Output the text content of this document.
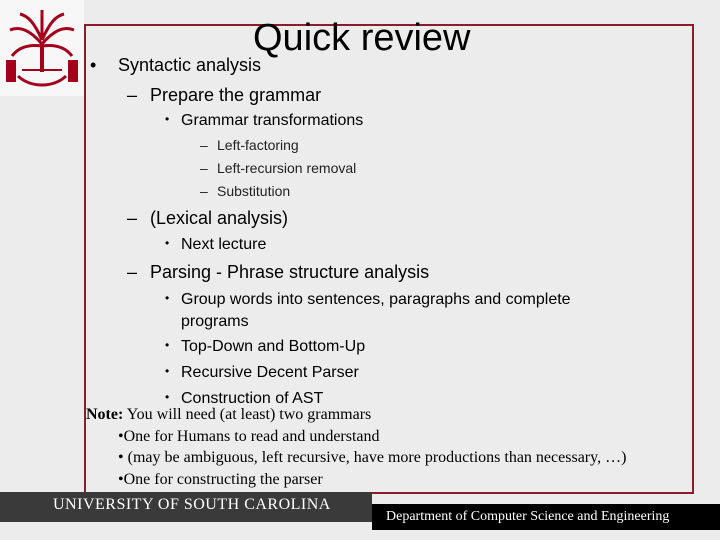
Quick review
• Syntactic analysis
– Prepare the grammar
• Grammar transformations
– Left-factoring
– Left-recursion removal
– Substitution
– (Lexical analysis)
• Next lecture
– Parsing - Phrase structure analysis
• Group words into sentences, paragraphs and complete
programs
• Top-Down and Bottom-Up
• Recursive Decent Parser
• Construction of AST
Note: You will need (at least) two grammars
•One for Humans to read and understand
• (may be ambiguous, left recursive, have more productions than necessary, …)
•One for constructing the parser
UNIVERSITY OF SOUTH CAROLINA
Department of Computer Science and Engineering
